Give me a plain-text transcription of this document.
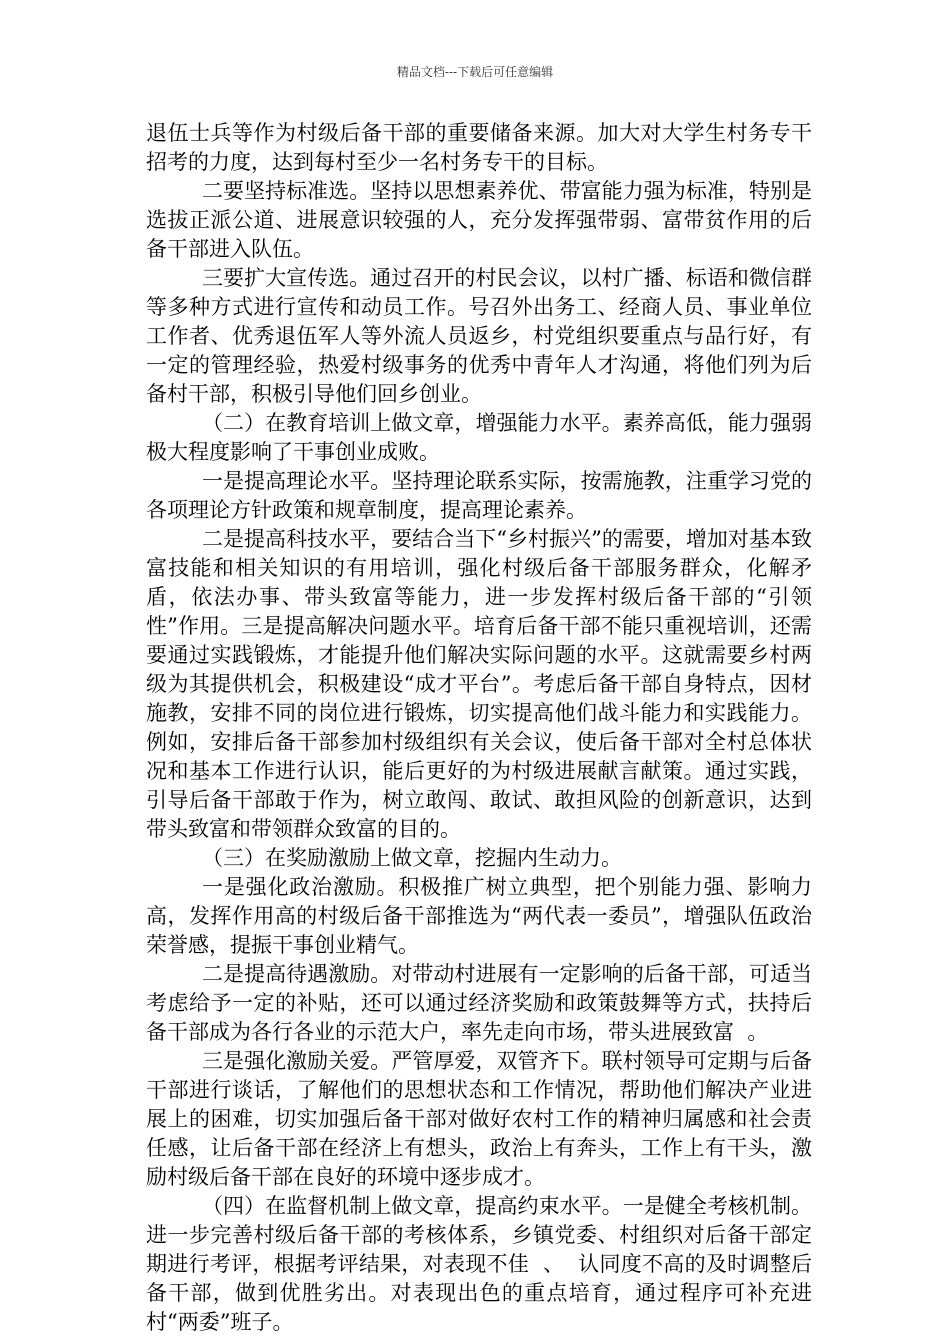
精品文档---下载后可任意编辑

退伍士兵等作为村级后备干部的重要储备来源。加大对大学生村务专干招考的力度，达到每村至少一名村务专干的目标。

二要坚持标准选。坚持以思想素养优、带富能力强为标准，特别是选拔正派公道、进展意识较强的人，充分发挥强带弱、富带贫作用的后备干部进入队伍。

三要扩大宣传选。通过召开的村民会议，以村广播、标语和微信群等多种方式进行宣传和动员工作。号召外出务工、经商人员、事业单位工作者、优秀退伍军人等外流人员返乡，村党组织要重点与品行好，有一定的管理经验，热爱村级事务的优秀中青年人才沟通，将他们列为后备村干部，积极引导他们回乡创业。

（二）在教育培训上做文章，增强能力水平。素养高低，能力强弱极大程度影响了干事创业成败。

一是提高理论水平。坚持理论联系实际，按需施教，注重学习党的各项理论方针政策和规章制度，提高理论素养。

二是提高科技水平，要结合当下“乡村振兴”的需要，增加对基本致富技能和相关知识的有用培训，强化村级后备干部服务群众，化解矛盾，依法办事、带头致富等能力，进一步发挥村级后备干部的“引领性”作用。三是提高解决问题水平。培育后备干部不能只重视培训，还需要通过实践锻炼，才能提升他们解决实际问题的水平。这就需要乡村两级为其提供机会，积极建设“成才平台”。考虑后备干部自身特点，因材施教，安排不同的岗位进行锻炼，切实提高他们战斗能力和实践能力。例如，安排后备干部参加村级组织有关会议，使后备干部对全村总体状况和基本工作进行认识，能后更好的为村级进展献言献策。通过实践，引导后备干部敢于作为，树立敢闯、敢试、敢担风险的创新意识，达到带头致富和带领群众致富的目的。

（三）在奖励激励上做文章，挖掘内生动力。

一是强化政治激励。积极推广树立典型，把个别能力强、影响力高，发挥作用高的村级后备干部推选为“两代表一委员”，增强队伍政治荣誉感，提振干事创业精气。

二是提高待遇激励。对带动村进展有一定影响的后备干部，可适当考虑给予一定的补贴，还可以通过经济奖励和政策鼓舞等方式，扶持后备干部成为各行各业的示范大户，率先走向市场，带头进展致富  。

三是强化激励关爱。严管厚爱，双管齐下。联村领导可定期与后备干部进行谈话，了解他们的思想状态和工作情况，帮助他们解决产业进展上的困难，切实加强后备干部对做好农村工作的精神归属感和社会责任感，让后备干部在经济上有想头，政治上有奔头，工作上有干头，激励村级后备干部在良好的环境中逐步成才。

（四）在监督机制上做文章，提高约束水平。一是健全考核机制。进一步完善村级后备干部的考核体系，乡镇党委、村组织对后备干部定期进行考评，根据考评结果，对表现不佳  、  认同度不高的及时调整后备干部，做到优胜劣出。对表现出色的重点培育，通过程序可补充进村“两委”班子。
